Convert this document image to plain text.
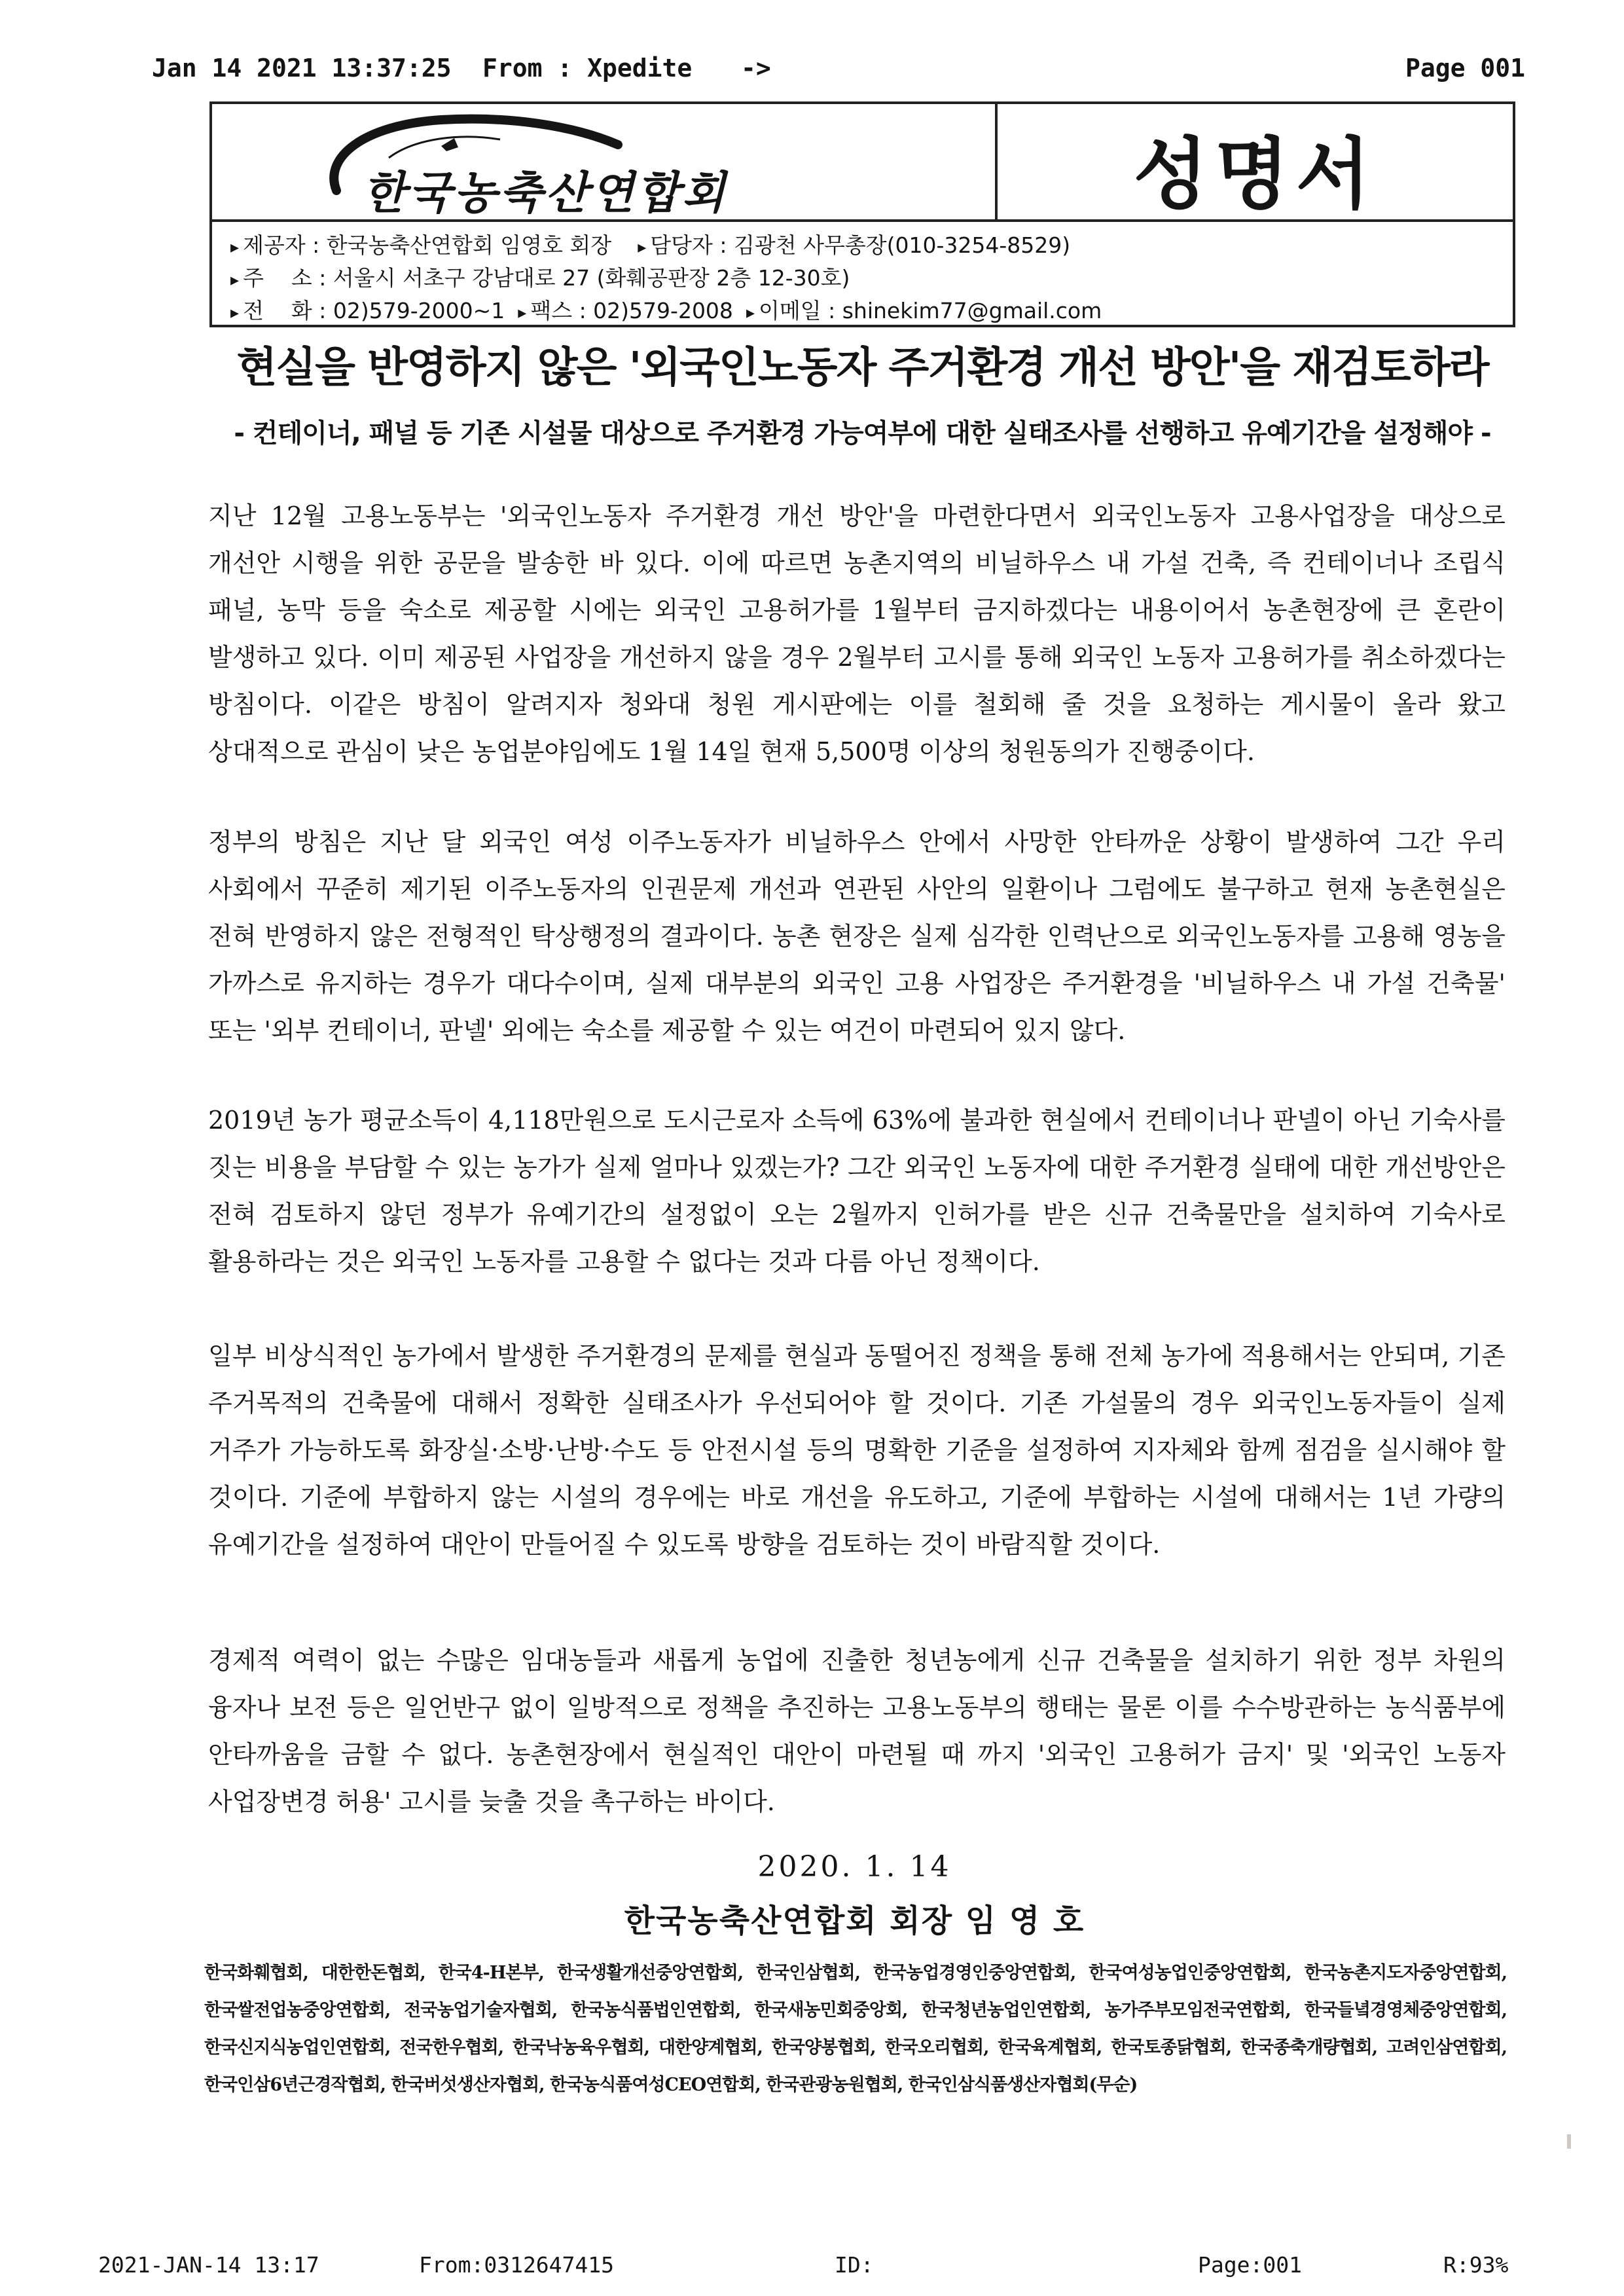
Jan 14 2021 13:37:25 From : Xpedite ->	Page 001
한국농축산연합회	성명서
▸ 제공자 : 한국농축산연합회 임영호 회장 ▸ 담당자 : 김광천 사무총장(010-3254-8529)
▸ 주    소 : 서울시 서초구 강남대로 27 (화훼공판장 2층 12-30호)
▸ 전    화 : 02)579-2000~1 ▸ 팩스 : 02)579-2008 ▸ 이메일 : shinekim77@gmail.com
현실을 반영하지 않은 '외국인노동자 주거환경 개선 방안'을 재검토하라
- 컨테이너, 패널 등 기존 시설물 대상으로 주거환경 가능여부에 대한 실태조사를 선행하고 유예기간을 설정해야 -

지난 12월 고용노동부는 '외국인노동자 주거환경 개선 방안'을 마련한다면서 외국인노동자 고용사업장을 대상으로 개선안 시행을 위한 공문을 발송한 바 있다. 이에 따르면 농촌지역의 비닐하우스 내 가설 건축, 즉 컨테이너나 조립식 패널, 농막 등을 숙소로 제공할 시에는 외국인 고용허가를 1월부터 금지하겠다는 내용이어서 농촌현장에 큰 혼란이 발생하고 있다. 이미 제공된 사업장을 개선하지 않을 경우 2월부터 고시를 통해 외국인 노동자 고용허가를 취소하겠다는 방침이다. 이같은 방침이 알려지자 청와대 청원 게시판에는 이를 철회해 줄 것을 요청하는 게시물이 올라 왔고 상대적으로 관심이 낮은 농업분야임에도 1월 14일 현재 5,500명 이상의 청원동의가 진행중이다.

정부의 방침은 지난 달 외국인 여성 이주노동자가 비닐하우스 안에서 사망한 안타까운 상황이 발생하여 그간 우리 사회에서 꾸준히 제기된 이주노동자의 인권문제 개선과 연관된 사안의 일환이나 그럼에도 불구하고 현재 농촌현실은 전혀 반영하지 않은 전형적인 탁상행정의 결과이다. 농촌 현장은 실제 심각한 인력난으로 외국인노동자를 고용해 영농을 가까스로 유지하는 경우가 대다수이며, 실제 대부분의 외국인 고용 사업장은 주거환경을 '비닐하우스 내 가설 건축물' 또는 '외부 컨테이너, 판넬' 외에는 숙소를 제공할 수 있는 여건이 마련되어 있지 않다.

2019년 농가 평균소득이 4,118만원으로 도시근로자 소득에 63%에 불과한 현실에서 컨테이너나 판넬이 아닌 기숙사를 짓는 비용을 부담할 수 있는 농가가 실제 얼마나 있겠는가? 그간 외국인 노동자에 대한 주거환경 실태에 대한 개선방안은 전혀 검토하지 않던 정부가 유예기간의 설정없이 오는 2월까지 인허가를 받은 신규 건축물만을 설치하여 기숙사로 활용하라는 것은 외국인 노동자를 고용할 수 없다는 것과 다름 아닌 정책이다.

일부 비상식적인 농가에서 발생한 주거환경의 문제를 현실과 동떨어진 정책을 통해 전체 농가에 적용해서는 안되며, 기존 주거목적의 건축물에 대해서 정확한 실태조사가 우선되어야 할 것이다. 기존 가설물의 경우 외국인노동자들이 실제 거주가 가능하도록 화장실·소방·난방·수도 등 안전시설 등의 명확한 기준을 설정하여 지자체와 함께 점검을 실시해야 할 것이다. 기준에 부합하지 않는 시설의 경우에는 바로 개선을 유도하고, 기준에 부합하는 시설에 대해서는 1년 가량의 유예기간을 설정하여 대안이 만들어질 수 있도록 방향을 검토하는 것이 바람직할 것이다.

경제적 여력이 없는 수많은 임대농들과 새롭게 농업에 진출한 청년농에게 신규 건축물을 설치하기 위한 정부 차원의 융자나 보전 등은 일언반구 없이 일방적으로 정책을 추진하는 고용노동부의 행태는 물론 이를 수수방관하는 농식품부에 안타까움을 금할 수 없다. 농촌현장에서 현실적인 대안이 마련될 때 까지 '외국인 고용허가 금지' 및 '외국인 노동자 사업장변경 허용' 고시를 늦출 것을 촉구하는 바이다.

2020. 1. 14
한국농축산연합회 회장 임 영 호

한국화훼협회, 대한한돈협회, 한국4-H본부, 한국생활개선중앙연합회, 한국인삼협회, 한국농업경영인중앙연합회, 한국여성농업인중앙연합회, 한국농촌지도자중앙연합회, 한국쌀전업농중앙연합회, 전국농업기술자협회, 한국농식품법인연합회, 한국새농민회중앙회, 한국청년농업인연합회, 농가주부모임전국연합회, 한국들녘경영체중앙연합회, 한국신지식농업인연합회, 전국한우협회, 한국낙농육우협회, 대한양계협회, 한국양봉협회, 한국오리협회, 한국육계협회, 한국토종닭협회, 한국종축개량협회, 고려인삼연합회, 한국인삼6년근경작협회, 한국버섯생산자협회, 한국농식품여성CEO연합회, 한국관광농원협회, 한국인삼식품생산자협회(무순)

2021-JAN-14 13:17	From:0312647415	ID:	Page:001	R:93%
